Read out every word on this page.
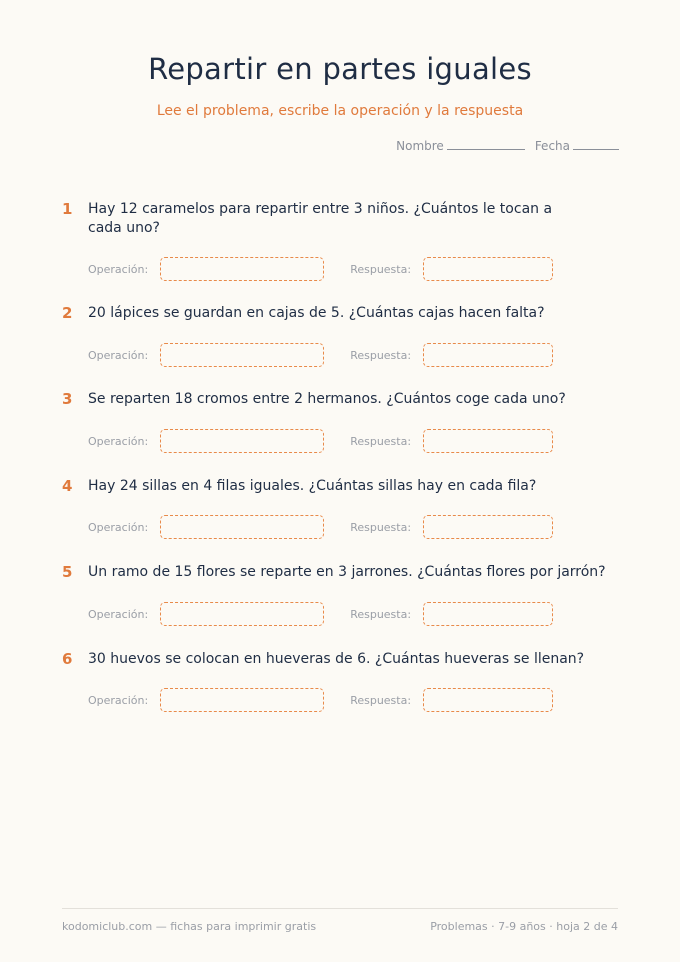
Repartir en partes iguales

Lee el problema, escribe la operación y la respuesta

Nombre	Fecha
1	Hay 12 caramelos para repartir entre 3 niños. ¿Cuántos le tocan a cada uno?
Operación:	Respuesta:
2	20 lápices se guardan en cajas de 5. ¿Cuántas cajas hacen falta?
Operación:	Respuesta:
3	Se reparten 18 cromos entre 2 hermanos. ¿Cuántos coge cada uno?
Operación:	Respuesta:
4	Hay 24 sillas en 4 filas iguales. ¿Cuántas sillas hay en cada fila?
Operación:	Respuesta:
5	Un ramo de 15 flores se reparte en 3 jarrones. ¿Cuántas flores por jarrón?
Operación:	Respuesta:
6	30 huevos se colocan en hueveras de 6. ¿Cuántas hueveras se llenan?
Operación:	Respuesta:
kodomiclub.com — fichas para imprimir gratis	Problemas · 7-9 años · hoja 2 de 4
